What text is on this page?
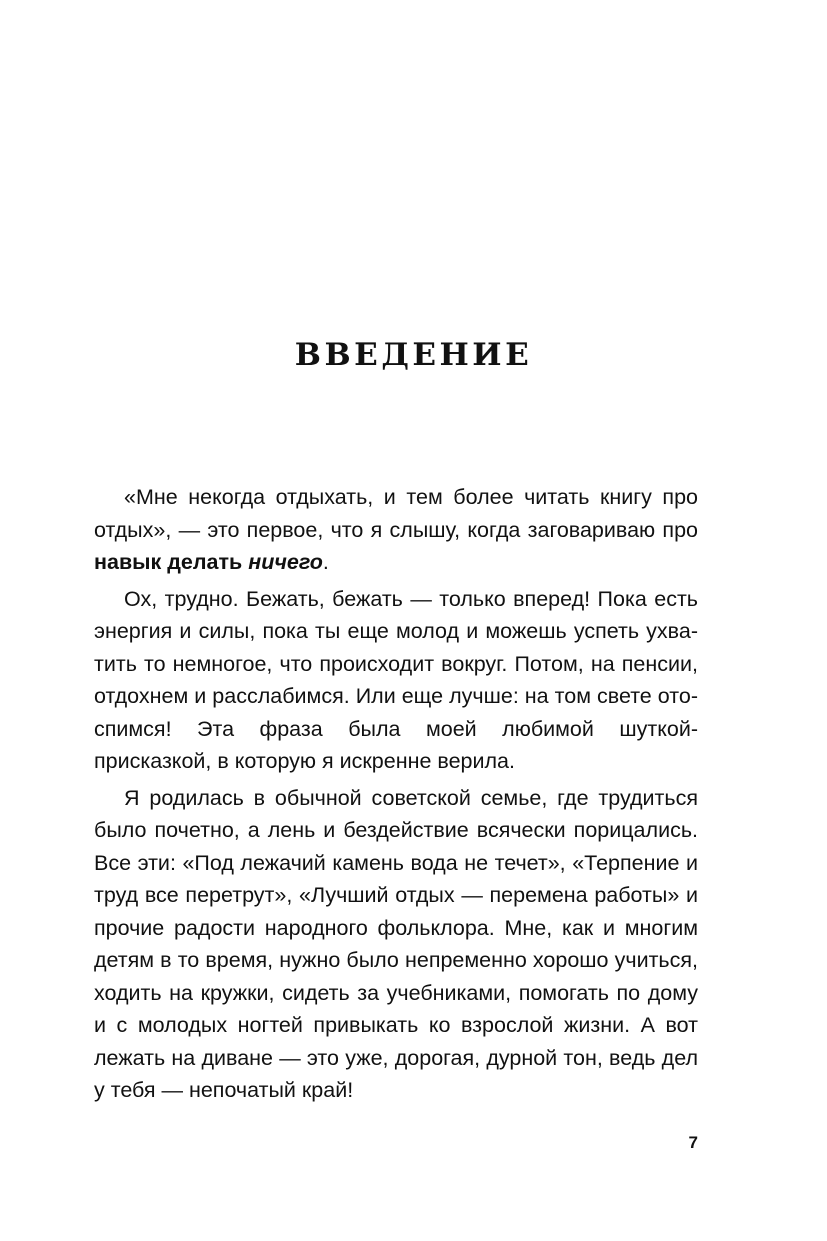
ВВЕДЕНИЕ

«Мне некогда отдыхать, и тем более читать книгу про отдых», — это первое, что я слышу, когда заговариваю про навык делать ничего.

Ох, трудно. Бежать, бежать — только вперед! Пока есть энергия и силы, пока ты еще молод и можешь успеть ухватить то немногое, что происходит вокруг. Потом, на пенсии, отдохнем и расслабимся. Или еще лучше: на том свете отоспимся! Эта фраза была моей любимой шуткой-присказкой, в которую я искренне верила.

Я родилась в обычной советской семье, где трудиться было почетно, а лень и бездействие всячески порицались. Все эти: «Под лежачий камень вода не течет», «Терпение и труд все перетрут», «Лучший отдых — перемена работы» и прочие радости народного фольклора. Мне, как и многим детям в то время, нужно было непременно хорошо учиться, ходить на кружки, сидеть за учебниками, помогать по дому и с молодых ногтей привыкать ко взрослой жизни. А вот лежать на диване — это уже, дорогая, дурной тон, ведь дел у тебя — непочатый край!

7
